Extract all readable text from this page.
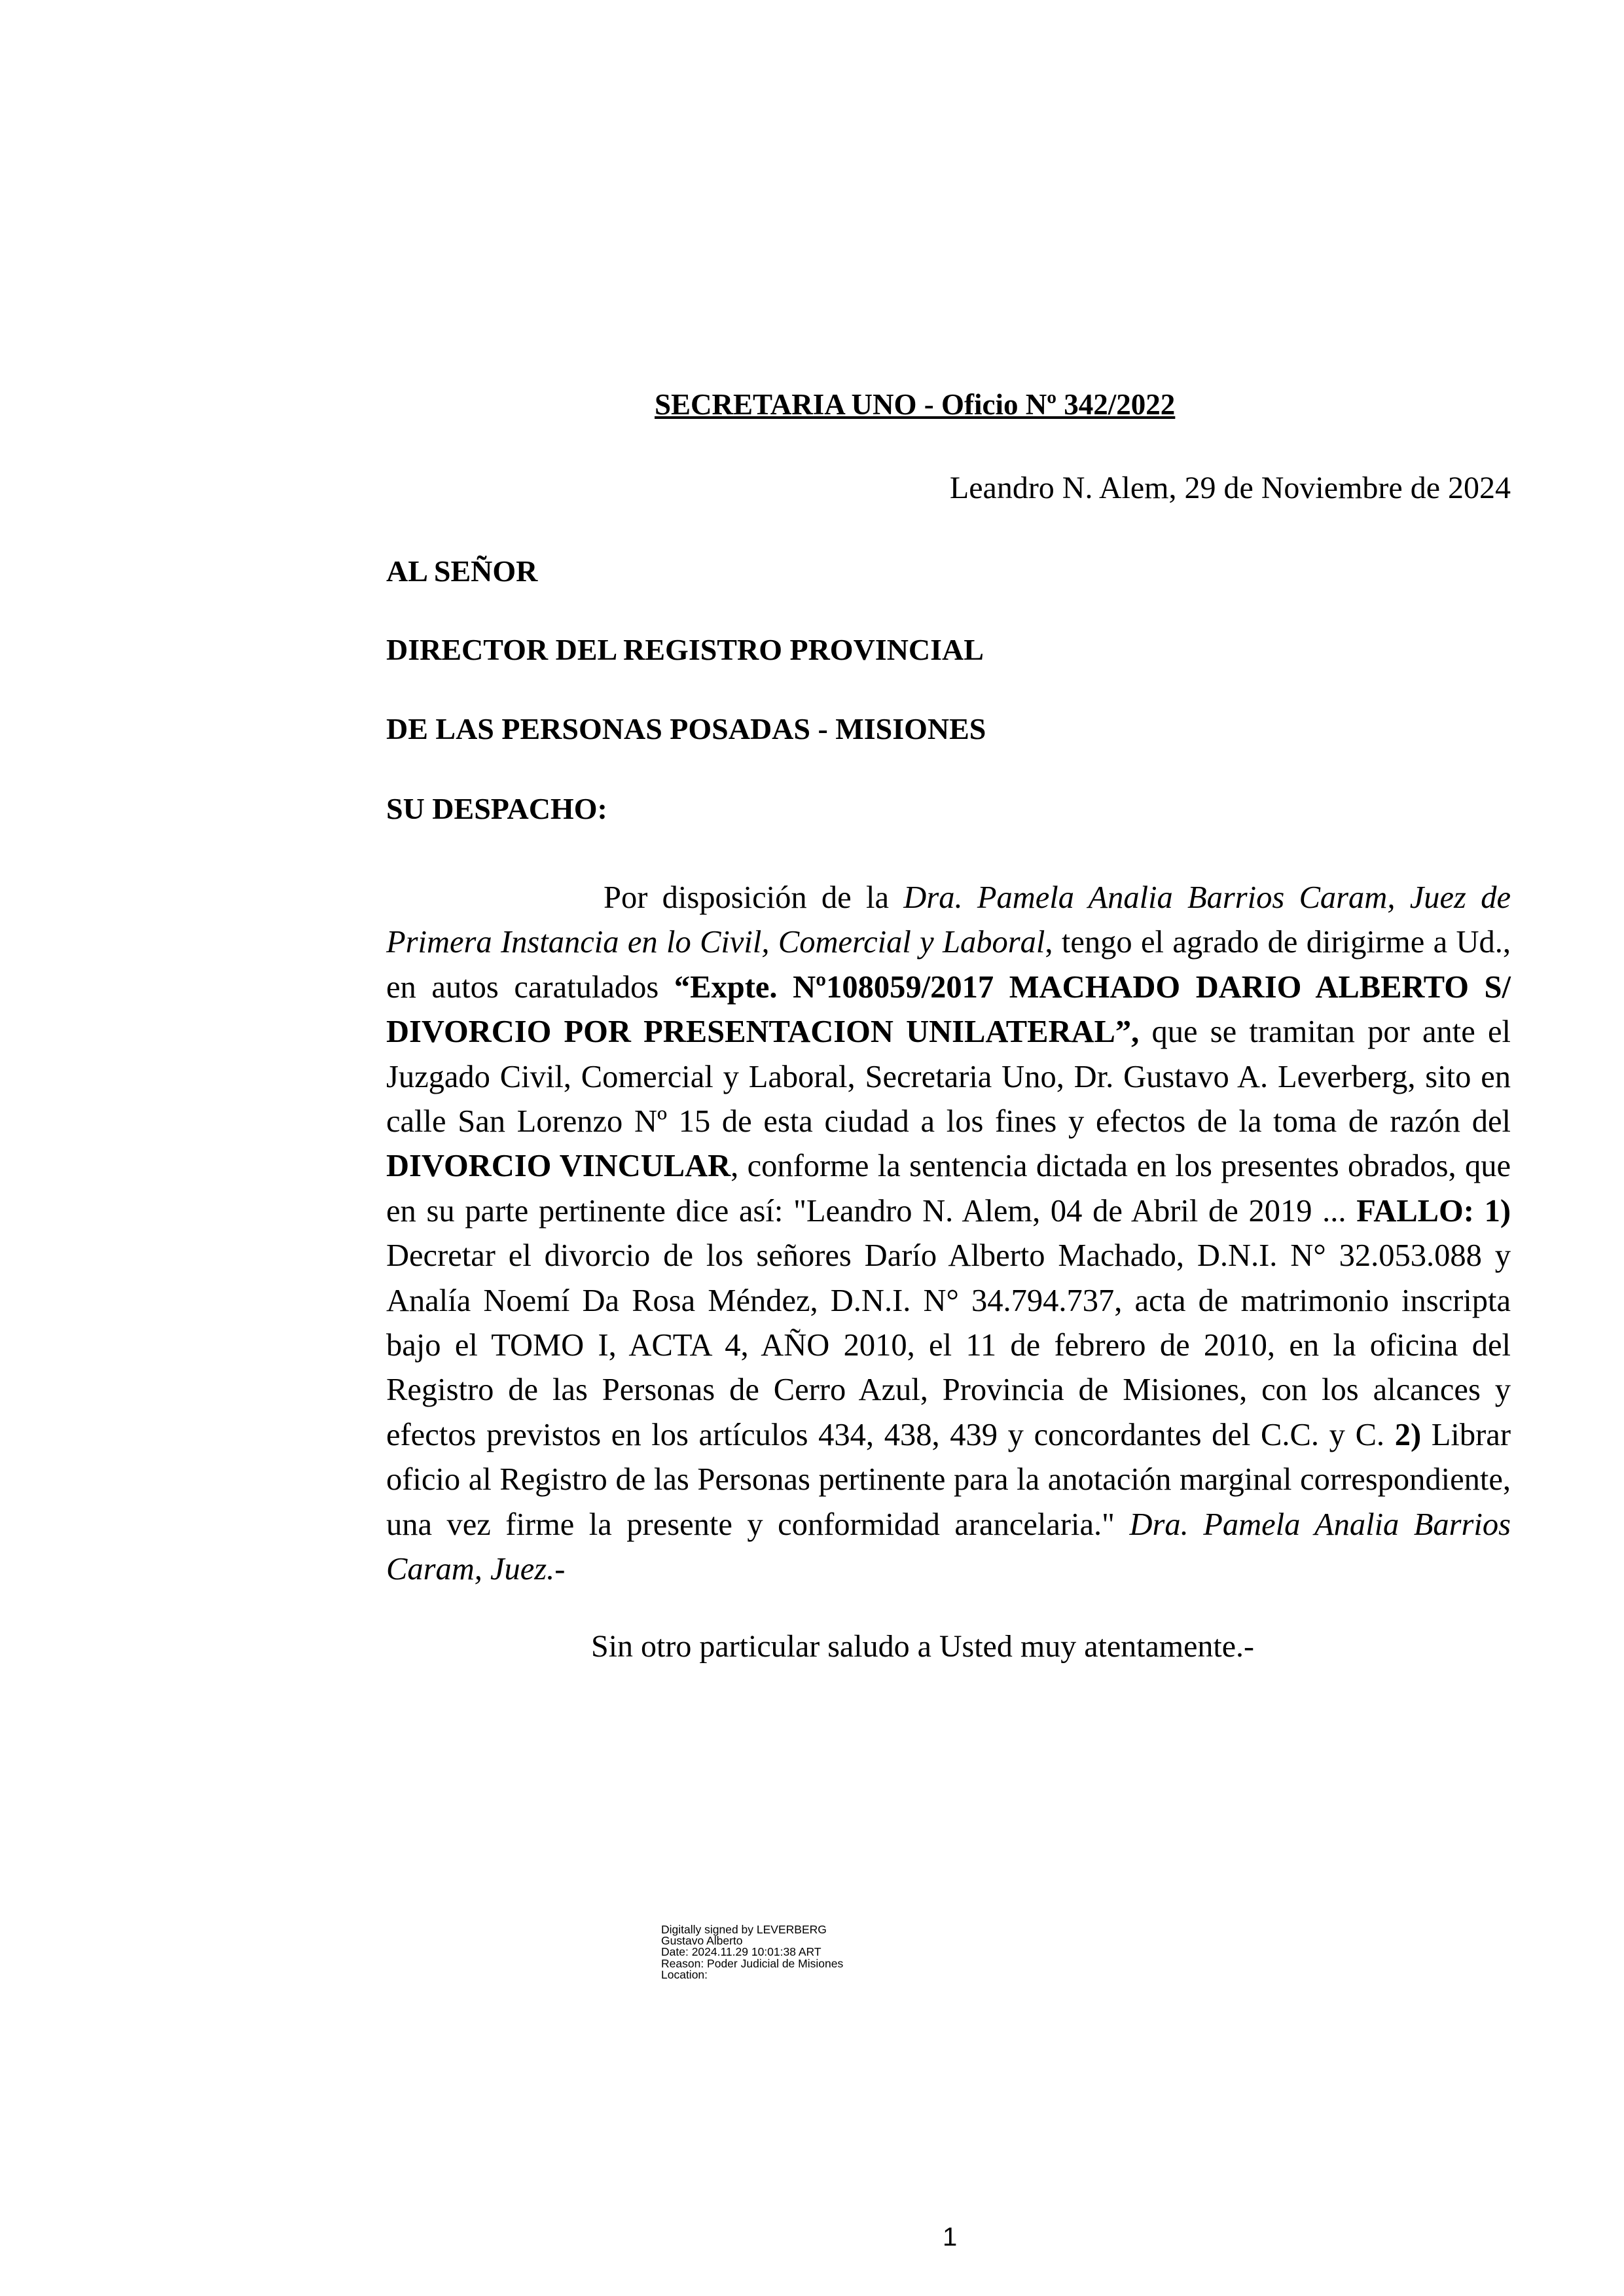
SECRETARIA UNO - Oficio Nº 342/2022
Leandro N. Alem, 29 de Noviembre de 2024
AL SEÑOR
DIRECTOR DEL REGISTRO PROVINCIAL
DE LAS PERSONAS POSADAS - MISIONES
SU DESPACHO:
Por disposición de la Dra. Pamela Analia Barrios Caram, Juez de Primera Instancia en lo Civil, Comercial y Laboral, tengo el agrado de dirigirme a Ud., en autos caratulados “Expte. Nº108059/2017 MACHADO DARIO ALBERTO S/ DIVORCIO POR PRESENTACION UNILATERAL”, que se tramitan por ante el Juzgado Civil, Comercial y Laboral, Secretaria Uno, Dr. Gustavo A. Leverberg, sito en calle San Lorenzo Nº 15 de esta ciudad a los fines y efectos de la toma de razón del DIVORCIO VINCULAR, conforme la sentencia dictada en los presentes obrados, que en su parte pertinente dice así: "Leandro N. Alem, 04 de Abril de 2019 ... FALLO: 1) Decretar el divorcio de los señores Darío Alberto Machado, D.N.I. N° 32.053.088 y Analía Noemí Da Rosa Méndez, D.N.I. N° 34.794.737, acta de matrimonio inscripta bajo el TOMO I, ACTA 4, AÑO 2010, el 11 de febrero de 2010, en la oficina del Registro de las Personas de Cerro Azul, Provincia de Misiones, con los alcances y efectos previstos en los artículos 434, 438, 439 y concordantes del C.C. y C. 2) Librar oficio al Registro de las Personas pertinente para la anotación marginal correspondiente, una vez firme la presente y conformidad arancelaria." Dra. Pamela Analia Barrios Caram, Juez.-
Sin otro particular saludo a Usted muy atentamente.-
Digitally signed by LEVERBERG
Gustavo Alberto
Date: 2024.11.29 10:01:38 ART
Reason: Poder Judicial de Misiones
Location:
1
